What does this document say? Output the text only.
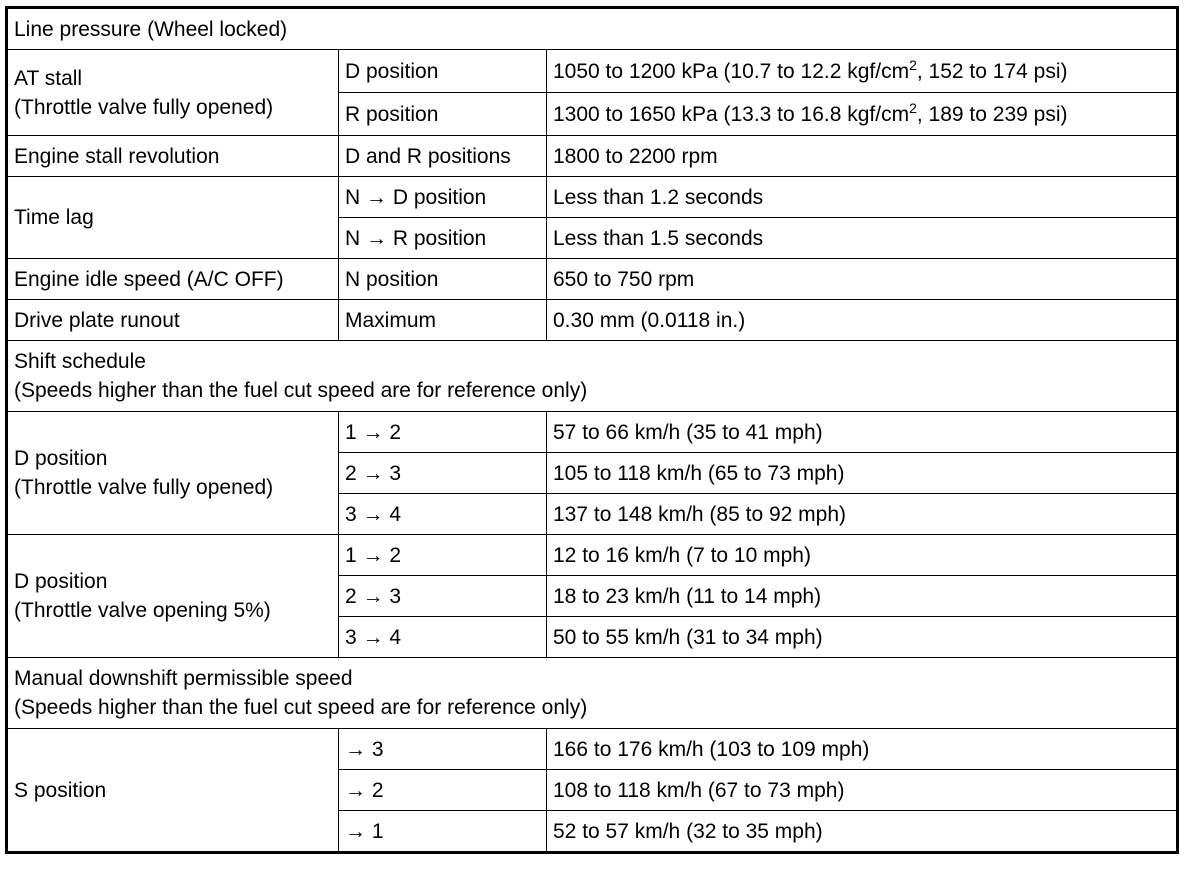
Line pressure (Wheel locked)		
AT stall
(Throttle valve fully opened)	D position	1050 to 1200 kPa (10.7 to 12.2 kgf/$cm^2$, 152 to 174 psi)
	R position	1300 to 1650 kPa (13.3 to 16.8 kgf/$cm^2$, 189 to 239 psi)
Engine stall revolution	D and R positions	1800 to 2200 rpm
Time lag	N → D position	Less than 1.2 seconds
	N → R position	Less than 1.5 seconds
Engine idle speed (A/C OFF)	N position	650 to 750 rpm
Drive plate runout	Maximum	0.30 mm (0.0118 in.)
Shift schedule
(Speeds higher than the fuel cut speed are for reference only)		
D position
(Throttle valve fully opened)	1 → 2	57 to 66 km/h (35 to 41 mph)
	2 → 3	105 to 118 km/h (65 to 73 mph)
	3 → 4	137 to 148 km/h (85 to 92 mph)
D position
(Throttle valve opening 5%)	1 → 2	12 to 16 km/h (7 to 10 mph)
	2 → 3	18 to 23 km/h (11 to 14 mph)
	3 → 4	50 to 55 km/h (31 to 34 mph)
Manual downshift permissible speed
(Speeds higher than the fuel cut speed are for reference only)		
S position	→ 3	166 to 176 km/h (103 to 109 mph)
	→ 2	108 to 118 km/h (67 to 73 mph)
	→ 1	52 to 57 km/h (32 to 35 mph)
